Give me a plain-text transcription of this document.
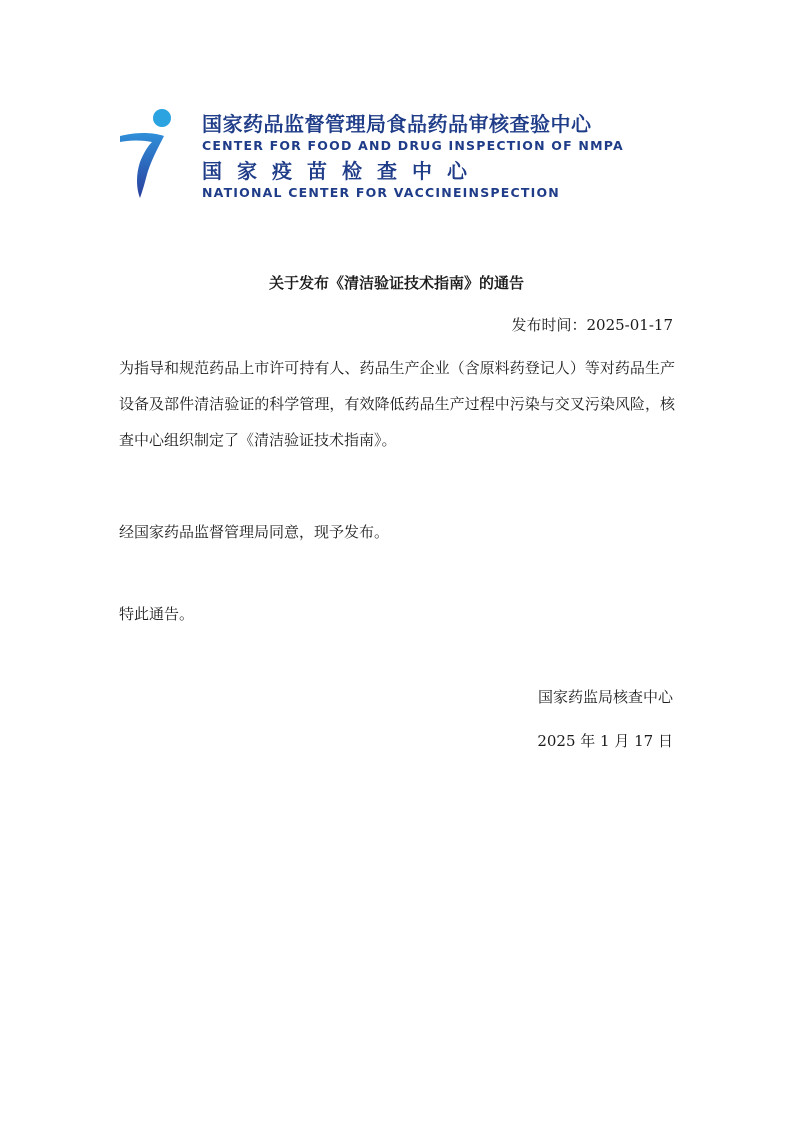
国家药品监督管理局食品药品审核查验中心
CENTER FOR FOOD AND DRUG INSPECTION OF NMPA
国家疫苗检查中心
NATIONAL CENTER FOR VACCINEINSPECTION
关于发布《清洁验证技术指南》的通告
发布时间：2025-01-17
为指导和规范药品上市许可持有人、药品生产企业（含原料药登记人）等对药品生产设备及部件清洁验证的科学管理，有效降低药品生产过程中污染与交叉污染风险，核查中心组织制定了《清洁验证技术指南》。
经国家药品监督管理局同意，现予发布。
特此通告。
国家药监局核查中心
2025 年 1 月 17 日
